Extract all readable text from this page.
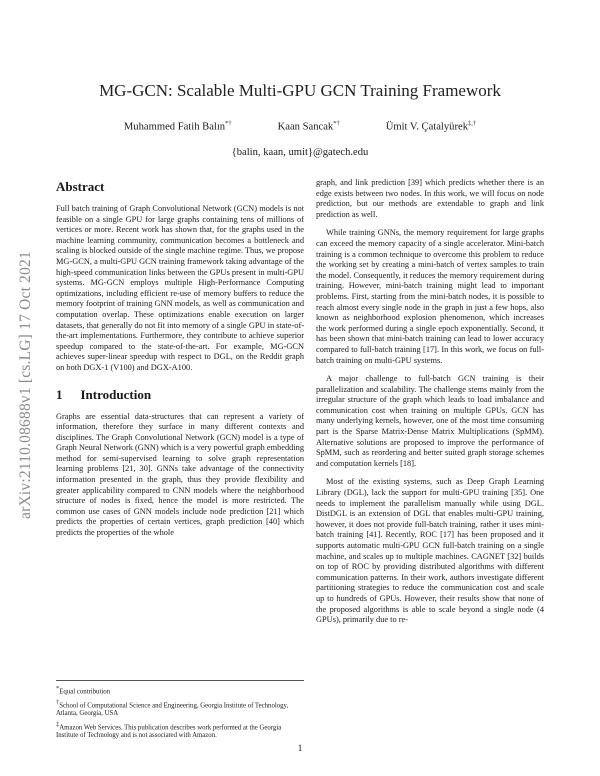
arXiv:2110.08688v1 [cs.LG] 17 Oct 2021
MG-GCN: Scalable Multi-GPU GCN Training Framework
Muhammed Fatih Balın*†	Kaan Sancak*†	Ümit V. Çatalyürek‡,†
{balin, kaan, umit}@gatech.edu
Abstract

Full batch training of Graph Convolutional Network (GCN) models is not feasible on a single GPU for large graphs containing tens of millions of vertices or more. Recent work has shown that, for the graphs used in the machine learning community, communication becomes a bottleneck and scaling is blocked outside of the single machine regime. Thus, we propose MG-GCN, a multi-GPU GCN training framework taking advantage of the high-speed communication links between the GPUs present in multi-GPU systems. MG-GCN employs multiple High-Performance Computing optimizations, including efficient re-use of memory buffers to reduce the memory footprint of training GNN models, as well as communication and computation overlap. These optimizations enable execution on larger datasets, that generally do not fit into memory of a single GPU in state-of-the-art implementations. Furthermore, they contribute to achieve superior speedup compared to the state-of-the-art. For example, MG-GCN achieves super-linear speedup with respect to DGL, on the Reddit graph on both DGX-1 (V100) and DGX-A100.

1 Introduction

Graphs are essential data-structures that can represent a variety of information, therefore they surface in many different contexts and disciplines. The Graph Convolutional Network (GCN) model is a type of Graph Neural Network (GNN) which is a very powerful graph embedding method for semi-supervised learning to solve graph representation learning problems [21, 30]. GNNs take advantage of the connectivity information presented in the graph, thus they provide flexibility and greater applicability compared to CNN models where the neighborhood structure of nodes is fixed, hence the model is more restricted. The common use cases of GNN models include node prediction [21] which predicts the properties of certain vertices, graph prediction [40] which predicts the properties of the whole

graph, and link prediction [39] which predicts whether there is an edge exists between two nodes. In this work, we will focus on node prediction, but our methods are extendable to graph and link prediction as well.

While training GNNs, the memory requirement for large graphs can exceed the memory capacity of a single accelerator. Mini-batch training is a common technique to overcome this problem to reduce the working set by creating a mini-batch of vertex samples to train the model. Consequently, it reduces the memory requirement during training. However, mini-batch training might lead to important problems. First, starting from the mini-batch nodes, it is possible to reach almost every single node in the graph in just a few hops, also known as neighborhood explosion phenomenon, which increases the work performed during a single epoch exponentially. Second, it has been shown that mini-batch training can lead to lower accuracy compared to full-batch training [17]. In this work, we focus on full-batch training on multi-GPU systems.

A major challenge to full-batch GCN training is their parallelization and scalability. The challenge stems mainly from the irregular structure of the graph which leads to load imbalance and communication cost when training on multiple GPUs. GCN has many underlying kernels, however, one of the most time consuming part is the Sparse Matrix-Dense Matrix Multiplications (SpMM). Alternative solutions are proposed to improve the performance of SpMM, such as reordering and better suited graph storage schemes and computation kernels [18].

Most of the existing systems, such as Deep Graph Learning Library (DGL), lack the support for multi-GPU training [35]. One needs to implement the parallelism manually while using DGL. DistDGL is an extension of DGL that enables multi-GPU training, however, it does not provide full-batch training, rather it uses mini-batch training [41]. Recently, ROC [17] has been proposed and it supports automatic multi-GPU GCN full-batch training on a single machine, and scales up to multiple machines. CAGNET [32] builds on top of ROC by providing distributed algorithms with different communication patterns. In their work, authors investigate different partitioning strategies to reduce the communication cost and scale up to hundreds of GPUs. However, their results show that none of the proposed algorithms is able to scale beyond a single node (4 GPUs), primarily due to re-

*Equal contribution
†School of Computational Science and Engineering, Georgia Institute of Technology, Atlanta, Georgia, USA
‡Amazon Web Services. This publication describes work performed at the Georgia Institute of Technology and is not associated with Amazon.
1
